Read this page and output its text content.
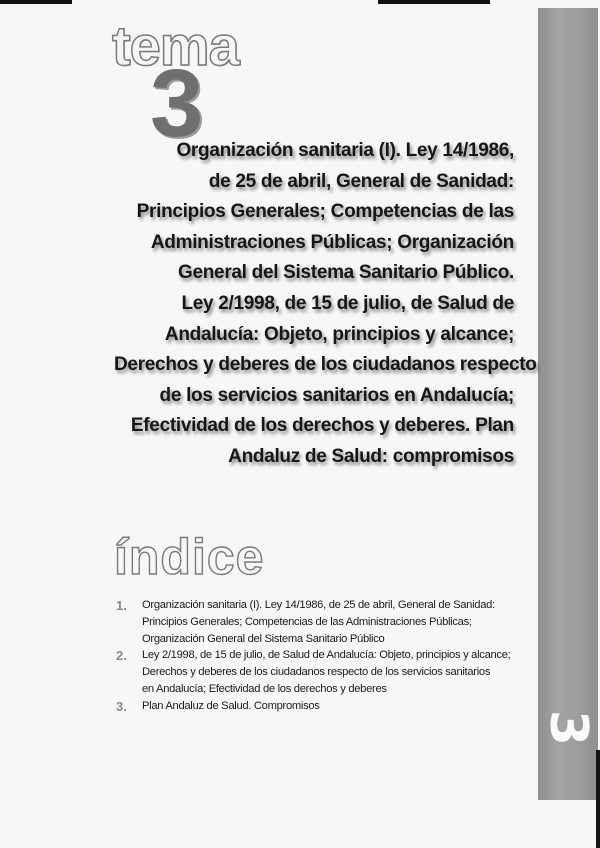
3
tema
3
Organización sanitaria (I). Ley 14/1986,
de 25 de abril, General de Sanidad:
Principios Generales; Competencias de las
Administraciones Públicas; Organización
General del Sistema Sanitario Público.
Ley 2/1998, de 15 de julio, de Salud de
Andalucía: Objeto, principios y alcance;
Derechos y deberes de los ciudadanos respecto
de los servicios sanitarios en Andalucía;
Efectividad de los derechos y deberes. Plan
Andaluz de Salud: compromisos
índice
1. Organización sanitaria (I). Ley 14/1986, de 25 de abril, General de Sanidad:
Principios Generales; Competencias de las Administraciones Públicas;
Organización General del Sistema Sanitario Público
2. Ley 2/1998, de 15 de julio, de Salud de Andalucía: Objeto, principios y alcance;
Derechos y deberes de los ciudadanos respecto de los servicios sanitarios
en Andalucía; Efectividad de los derechos y deberes
3. Plan Andaluz de Salud. Compromisos
